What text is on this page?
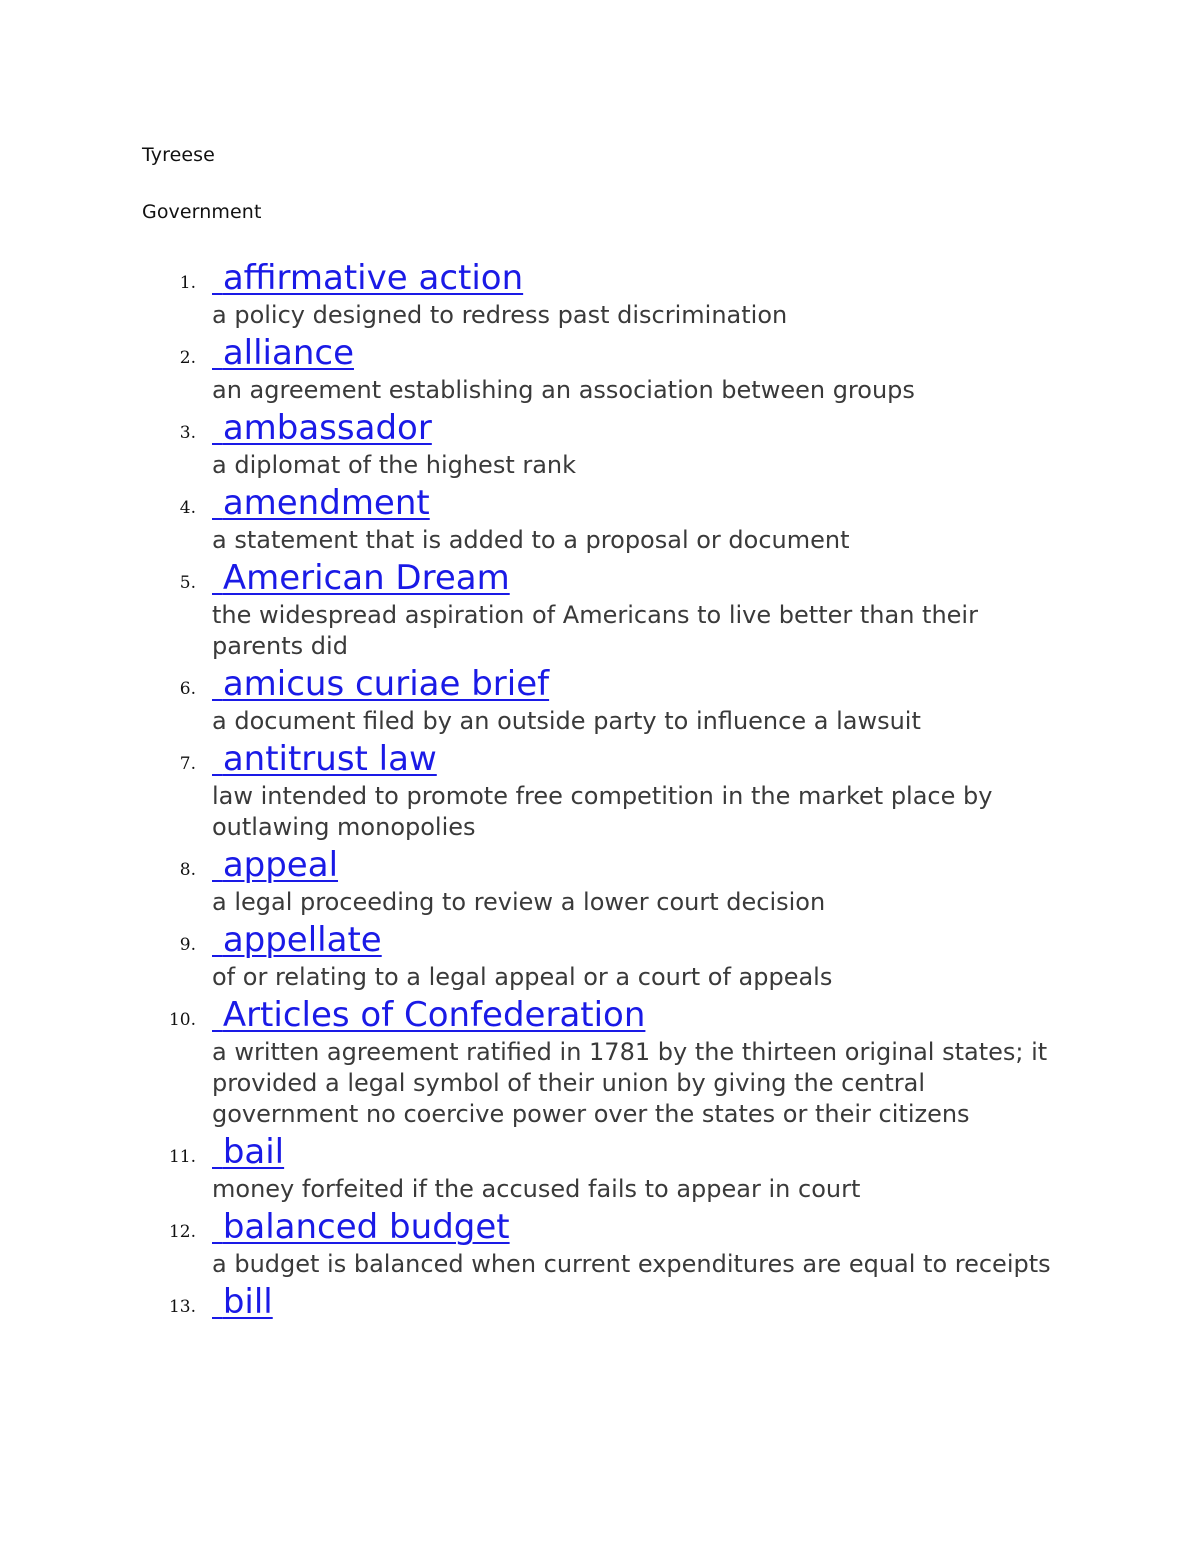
Tyreese
Government
1. affirmative action
a policy designed to redress past discrimination
2. alliance
an agreement establishing an association between groups
3. ambassador
a diplomat of the highest rank
4. amendment
a statement that is added to a proposal or document
5. American Dream
the widespread aspiration of Americans to live better than their parents did
6. amicus curiae brief
a document filed by an outside party to influence a lawsuit
7. antitrust law
law intended to promote free competition in the market place by outlawing monopolies
8. appeal
a legal proceeding to review a lower court decision
9. appellate
of or relating to a legal appeal or a court of appeals
10. Articles of Confederation
a written agreement ratified in 1781 by the thirteen original states; it provided a legal symbol of their union by giving the central government no coercive power over the states or their citizens
11. bail
money forfeited if the accused fails to appear in court
12. balanced budget
a budget is balanced when current expenditures are equal to receipts
13. bill
